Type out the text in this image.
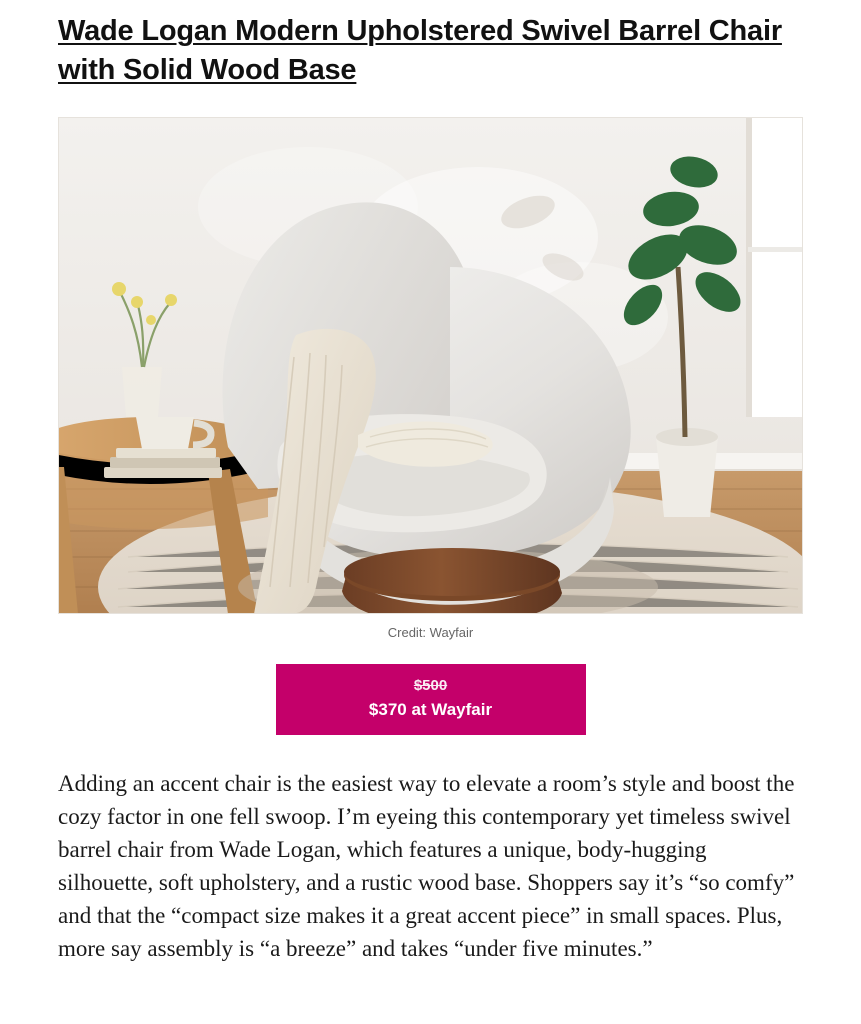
Wade Logan Modern Upholstered Swivel Barrel Chair with Solid Wood Base
Credit: Wayfair
$500
$370 at Wayfair

Adding an accent chair is the easiest way to elevate a room’s style and boost the cozy factor in one fell swoop. I’m eyeing this contemporary yet timeless swivel barrel chair from Wade Logan, which features a unique, body-hugging silhouette, soft upholstery, and a rustic wood base. Shoppers say it’s “so comfy” and that the “compact size makes it a great accent piece” in small spaces. Plus, more say assembly is “a breeze” and takes “under five minutes.”
